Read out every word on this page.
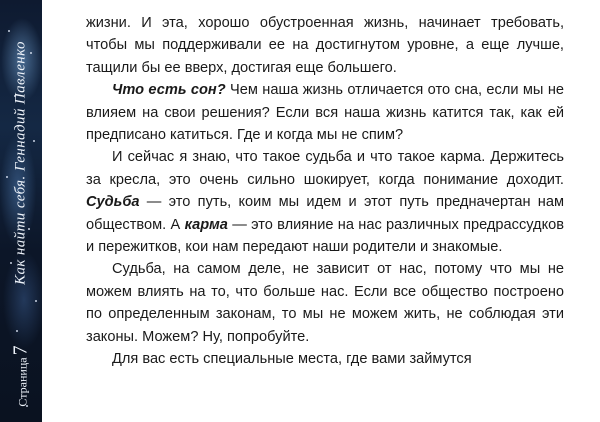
Как найти себя. Геннадий Павленко
Страница7

жизни. И эта, хорошо обустроенная жизнь, начинает требовать, чтобы мы поддерживали ее на достигнутом уровне, а еще лучше, тащили бы ее вверх, достигая еще большего.

Что есть сон? Чем наша жизнь отличается ото сна, если мы не влияем на свои решения? Если вся наша жизнь катится так, как ей предписано катиться. Где и когда мы не спим?

И сейчас я знаю, что такое судьба и что такое карма. Держитесь за кресла, это очень сильно шокирует, когда понимание доходит. Судьба — это путь, коим мы идем и этот путь предначертан нам обществом. А карма — это влияние на нас различных предрассудков и пережитков, кои нам передают наши родители и знакомые.

Судьба, на самом деле, не зависит от нас, потому что мы не можем влиять на то, что больше нас. Если все общество построено по определенным законам, то мы не можем жить, не соблюдая эти законы. Можем? Ну, попробуйте.

Для вас есть специальные места, где вами займутся
